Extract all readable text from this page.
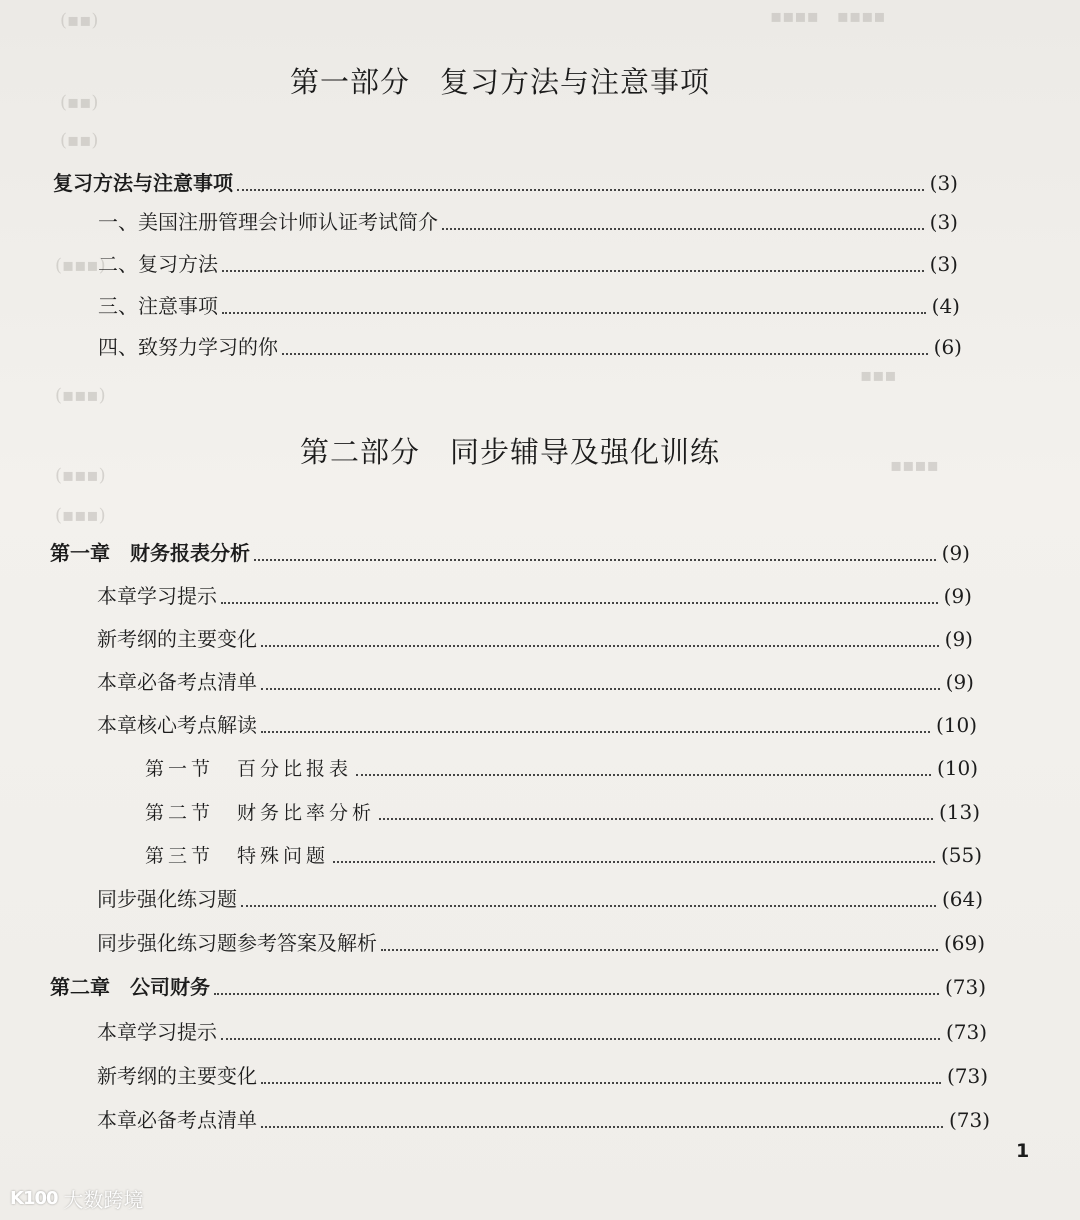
▪▪▪▪　▪▪▪▪
(▪▪)
(▪▪)
(▪▪)
(▪▪▪)
(▪▪▪)
(▪▪▪)
(▪▪▪)
▪▪▪
▪▪▪▪
第一部分 复习方法与注意事项
复习方法与注意事项	(3)
一、美国注册管理会计师认证考试简介	(3)
二、复习方法	(3)
三、注意事项	(4)
四、致努力学习的你	(6)
第二部分 同步辅导及强化训练
第一章　财务报表分析	(9)
本章学习提示	(9)
新考纲的主要变化	(9)
本章必备考点清单	(9)
本章核心考点解读	(10)
第一节　百分比报表	(10)
第二节　财务比率分析	(13)
第三节　特殊问题	(55)
同步强化练习题	(64)
同步强化练习题参考答案及解析	(69)
第二章　公司财务	(73)
本章学习提示	(73)
新考纲的主要变化	(73)
本章必备考点清单	(73)
1
K100 大数跨境
